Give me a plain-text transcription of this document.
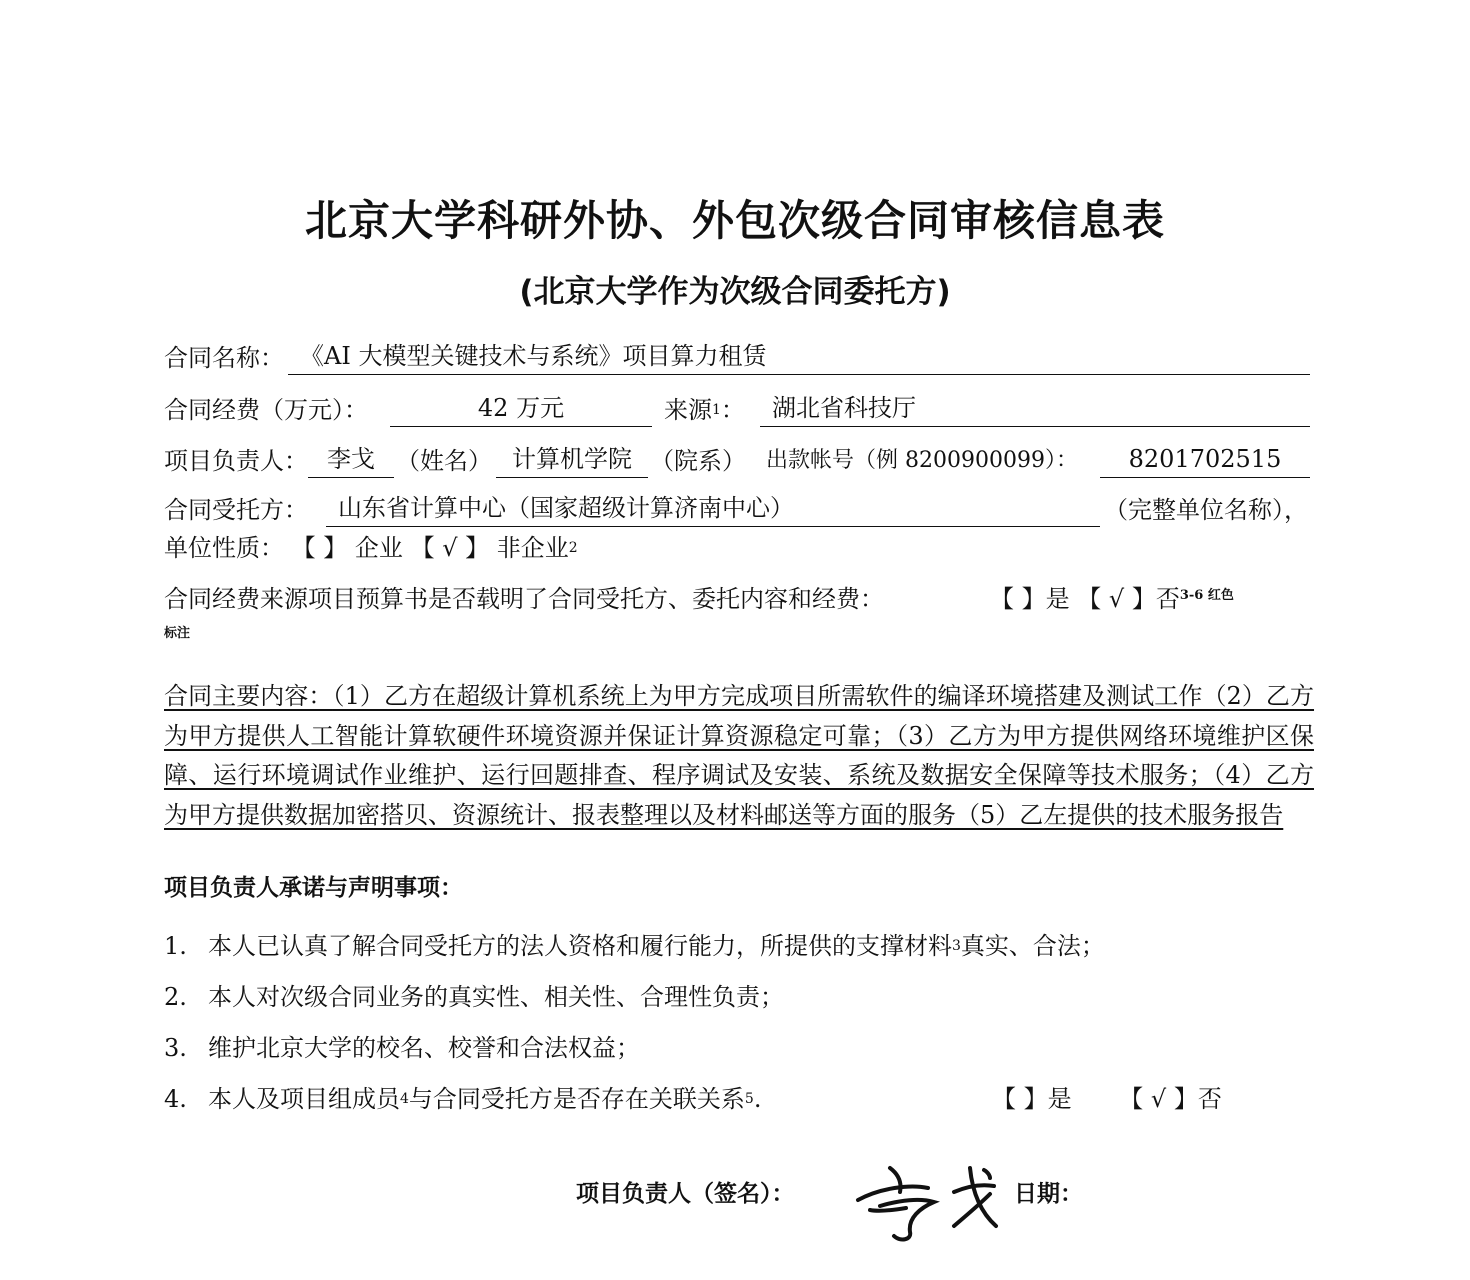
北京大学科研外协、外包次级合同审核信息表
(北京大学作为次级合同委托方)
合同名称： 《AI 大模型关键技术与系统》项目算力租赁
合同经费（万元）：	42 万元	来源$^1$：	湖北省科技厅
项目负责人： 李戈 （姓名） 计算机学院 （院系） 出款帐号（例 8200900099）：	8201702515
合同受托方：	山东省计算中心（国家超级计算济南中心）	（完整单位名称），
单位性质： 【 】 企业 【 √ 】 非企业$^2$
合同经费来源项目预算书是否载明了合同受托方、委托内容和经费：	【 】是 【 √ 】否$^{3-6 红色}$
标注
合同主要内容：（1）乙方在超级计算机系统上为甲方完成项目所需软件的编译环境搭建及测试工作（2）乙方为甲方提供人工智能计算软硬件环境资源并保证计算资源稳定可靠；（3）乙方为甲方提供网络环境维护区保障、运行环境调试作业维护、运行回题排查、程序调试及安装、系统及数据安全保障等技术服务；（4）乙方为甲方提供数据加密搭贝、资源统计、报表整理以及材料邮送等方面的服务（5）乙左提供的技术服务报告
项目负责人承诺与声明事项：
1. 本人已认真了解合同受托方的法人资格和履行能力，所提供的支撑材料$^3$真实、合法；
2. 本人对次级合同业务的真实性、相关性、合理性负责；
3. 维护北京大学的校名、校誉和合法权益；
4. 本人及项目组成员$^4$与合同受托方是否存在关联关系$^5$.	【 】是 【 √ 】否
项目负责人（签名）：	日期：
